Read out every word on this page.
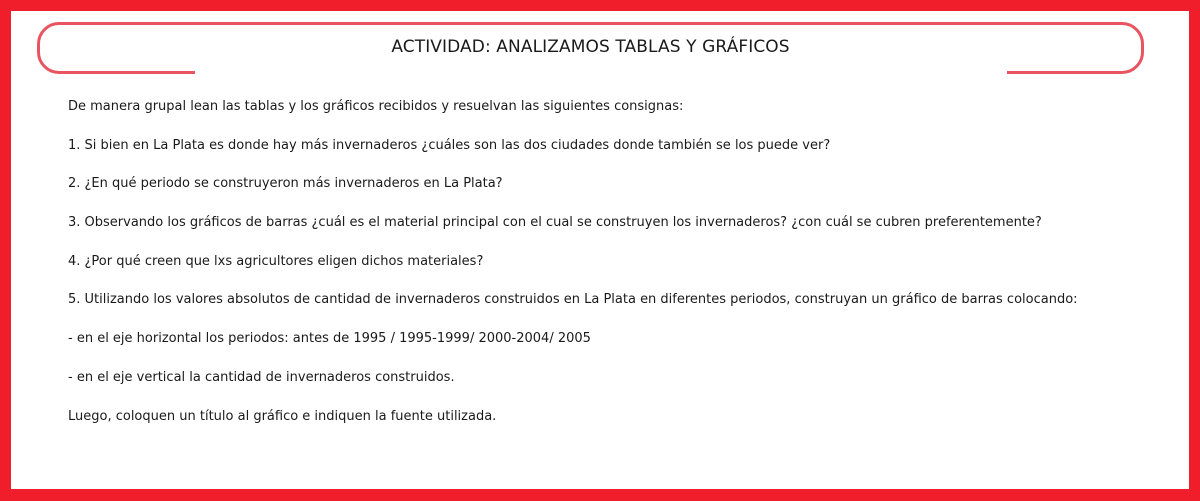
ACTIVIDAD: ANALIZAMOS TABLAS Y GRÁFICOS

De manera grupal lean las tablas y los gráficos recibidos y resuelvan las siguientes consignas:

1. Si bien en La Plata es donde hay más invernaderos ¿cuáles son las dos ciudades donde también se los puede ver?

2. ¿En qué periodo se construyeron más invernaderos en La Plata?

3. Observando los gráficos de barras ¿cuál es el material principal con el cual se construyen los invernaderos? ¿con cuál se cubren preferentemente?

4. ¿Por qué creen que lxs agricultores eligen dichos materiales?

5. Utilizando los valores absolutos de cantidad de invernaderos construidos en La Plata en diferentes periodos, construyan un gráfico de barras colocando:

- en el eje horizontal los periodos: antes de 1995 / 1995-1999/ 2000-2004/ 2005

- en el eje vertical la cantidad de invernaderos construidos.

Luego, coloquen un título al gráfico e indiquen la fuente utilizada.
